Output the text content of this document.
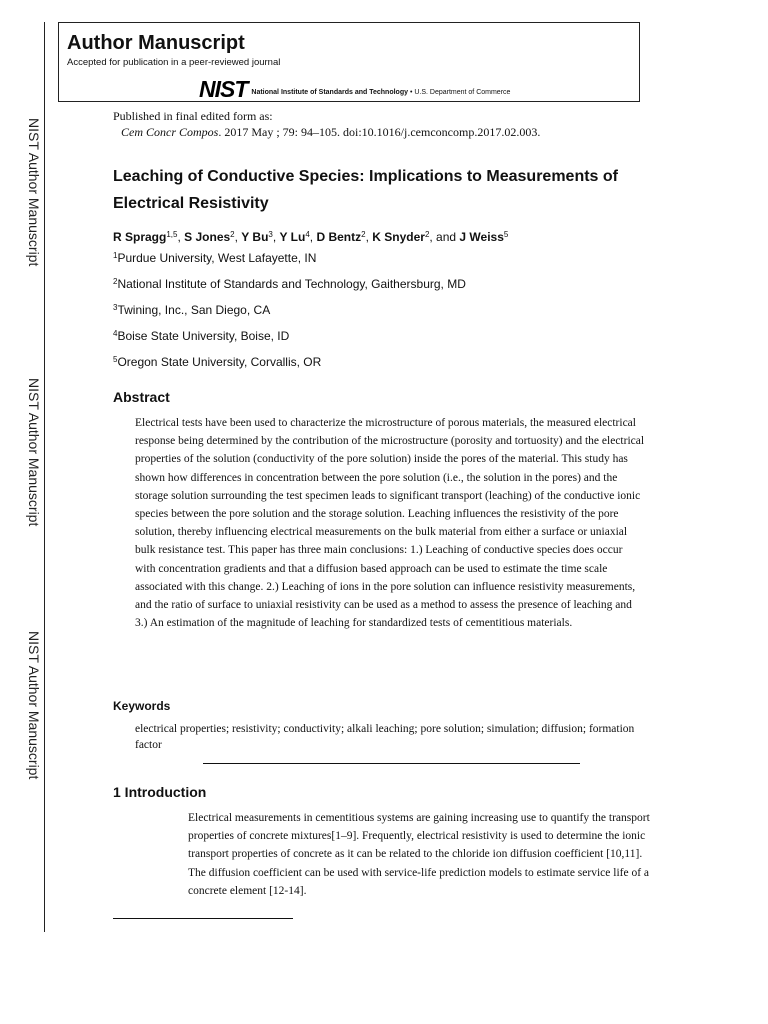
NIST Author Manuscript
NIST Author Manuscript
NIST Author Manuscript
Author Manuscript
Accepted for publication in a peer-reviewed journal
NIST National Institute of Standards and Technology • U.S. Department of Commerce
Published in final edited form as:
Cem Concr Compos. 2017 May ; 79: 94–105. doi:10.1016/j.cemconcomp.2017.02.003.
Leaching of Conductive Species: Implications to Measurements of Electrical Resistivity
R Spragg$^{1,5}$, S Jones$^2$, Y Bu$^3$, Y Lu$^4$, D Bentz$^2$, K Snyder$^2$, and J Weiss$^5$
$^1$Purdue University, West Lafayette, IN
$^2$National Institute of Standards and Technology, Gaithersburg, MD
$^3$Twining, Inc., San Diego, CA
$^4$Boise State University, Boise, ID
$^5$Oregon State University, Corvallis, OR
Abstract
Electrical tests have been used to characterize the microstructure of porous materials, the measured electrical response being determined by the contribution of the microstructure (porosity and tortuosity) and the electrical properties of the solution (conductivity of the pore solution) inside the pores of the material. This study has shown how differences in concentration between the pore solution (i.e., the solution in the pores) and the storage solution surrounding the test specimen leads to significant transport (leaching) of the conductive ionic species between the pore solution and the storage solution. Leaching influences the resistivity of the pore solution, thereby influencing electrical measurements on the bulk material from either a surface or uniaxial bulk resistance test. This paper has three main conclusions: 1.) Leaching of conductive species does occur with concentration gradients and that a diffusion based approach can be used to estimate the time scale associated with this change. 2.) Leaching of ions in the pore solution can influence resistivity measurements, and the ratio of surface to uniaxial resistivity can be used as a method to assess the presence of leaching and 3.) An estimation of the magnitude of leaching for standardized tests of cementitious materials.
Keywords
electrical properties; resistivity; conductivity; alkali leaching; pore solution; simulation; diffusion; formation factor
1 Introduction
Electrical measurements in cementitious systems are gaining increasing use to quantify the transport properties of concrete mixtures[1–9]. Frequently, electrical resistivity is used to determine the ionic transport properties of concrete as it can be related to the chloride ion diffusion coefficient [10,11]. The diffusion coefficient can be used with service-life prediction models to estimate service life of a concrete element [12-14].
